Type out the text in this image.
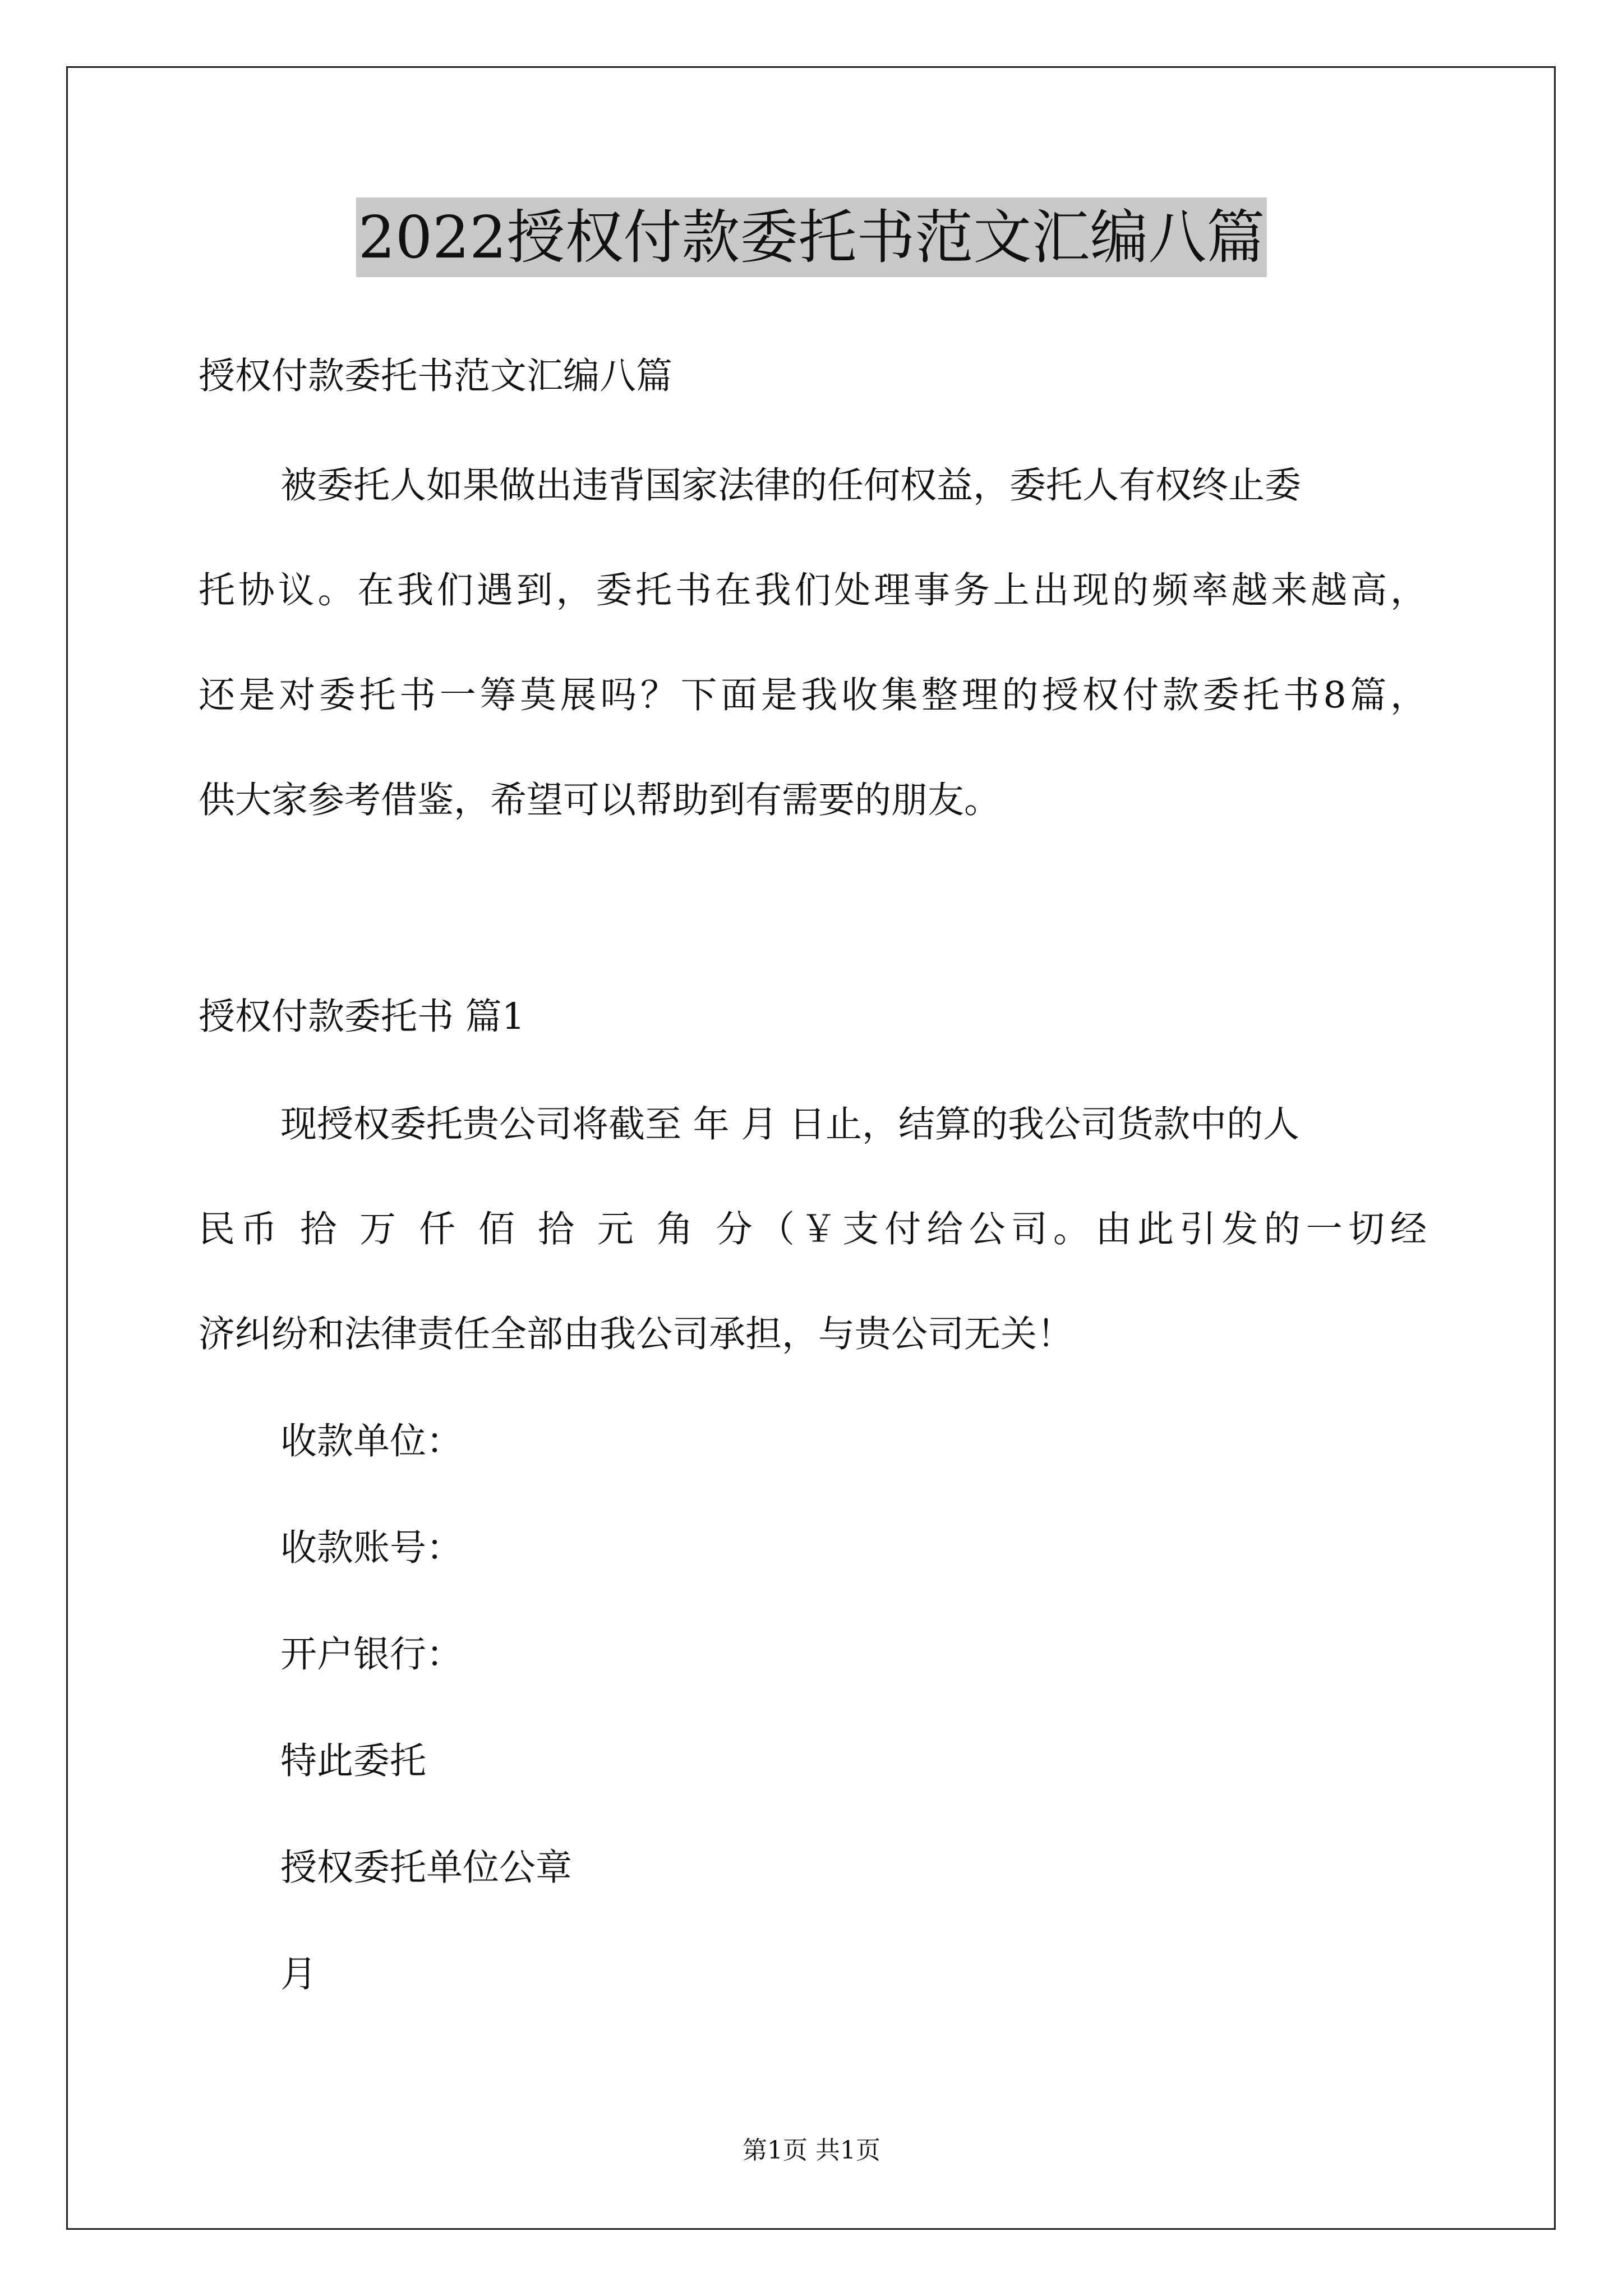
2022授权付款委托书范文汇编八篇
授权付款委托书范文汇编八篇
被委托人如果做出违背国家法律的任何权益，委托人有权终止委
托协议。在我们遇到，委托书在我们处理事务上出现的频率越来越高，
还是对委托书一筹莫展吗？下面是我收集整理的授权付款委托书8篇，
供大家参考借鉴，希望可以帮助到有需要的朋友。
授权付款委托书 篇1
现授权委托贵公司将截至 年 月 日止，结算的我公司货款中的人
民币 拾 万 仟 佰 拾 元 角 分（￥支付给公司。由此引发的一切经
济纠纷和法律责任全部由我公司承担，与贵公司无关！
收款单位：
收款账号：
开户银行：
特此委托
授权委托单位公章
月
第1页 共1页
